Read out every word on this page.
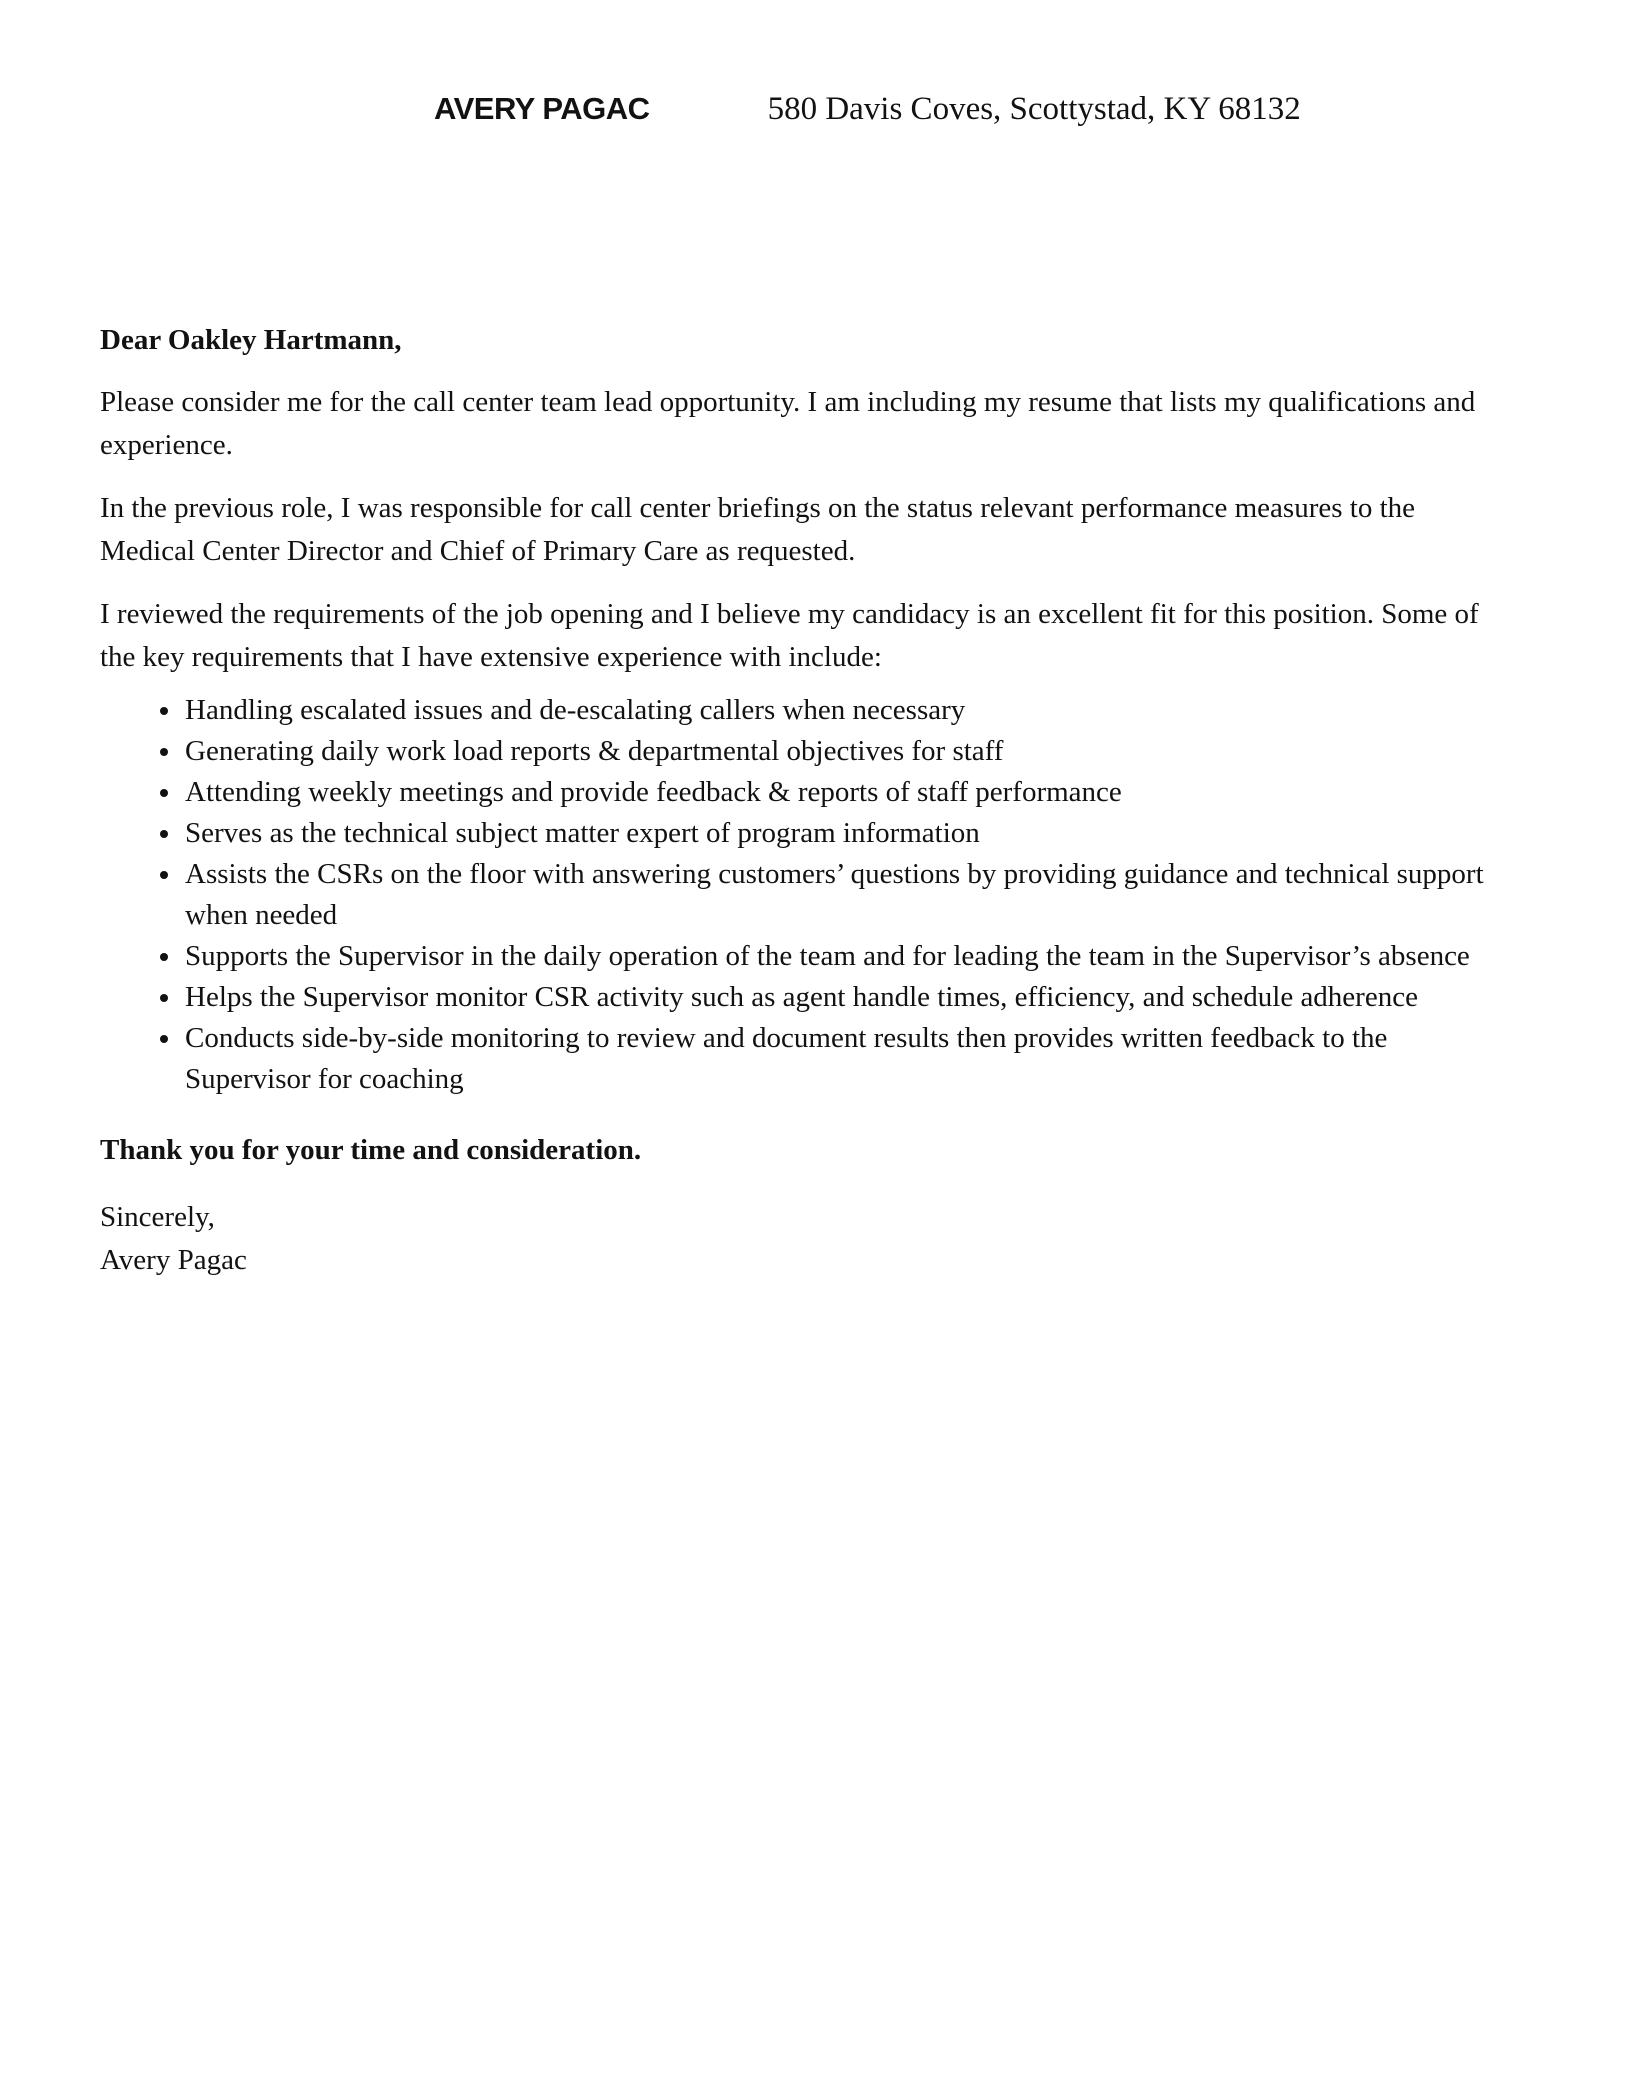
AVERY PAGAC	580 Davis Coves, Scottystad, KY 68132

Dear Oakley Hartmann,

Please consider me for the call center team lead opportunity. I am including my resume that lists my qualifications and experience.

In the previous role, I was responsible for call center briefings on the status relevant performance measures to the Medical Center Director and Chief of Primary Care as requested.

I reviewed the requirements of the job opening and I believe my candidacy is an excellent fit for this position. Some of the key requirements that I have extensive experience with include:

• Handling escalated issues and de-escalating callers when necessary
• Generating daily work load reports & departmental objectives for staff
• Attending weekly meetings and provide feedback & reports of staff performance
• Serves as the technical subject matter expert of program information
• Assists the CSRs on the floor with answering customers’ questions by providing guidance and technical support when needed
• Supports the Supervisor in the daily operation of the team and for leading the team in the Supervisor’s absence
• Helps the Supervisor monitor CSR activity such as agent handle times, efficiency, and schedule adherence
• Conducts side-by-side monitoring to review and document results then provides written feedback to the Supervisor for coaching

Thank you for your time and consideration.

Sincerely,
Avery Pagac
